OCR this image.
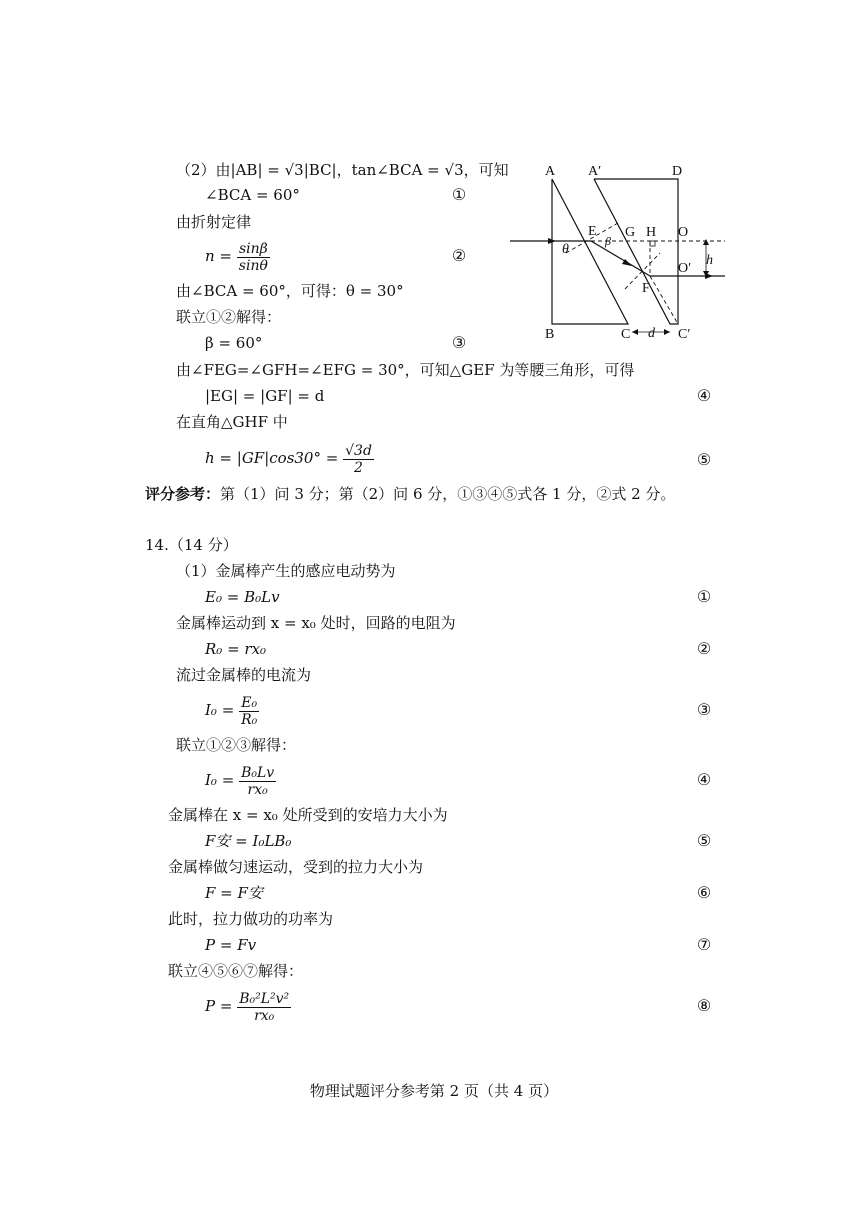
（2）由|AB| = √3|BC|，tan∠BCA = √3，可知
∠BCA = 60°	①
由折射定律
$n = \frac{\sin\beta}{\sin\theta}$	②
由∠BCA = 60°，可得：θ = 30°
联立①②解得：
β = 60°	③
由∠FEG=∠GFH=∠EFG = 30°，可知△GEF 为等腰三角形，可得
|EG| = |GF| = d	④
在直角△GHF 中
$h = |GF|\cos 30^\circ = \frac{√3d}{2}$	⑤
评分参考：第（1）问 3 分；第（2）问 6 分，①③④⑤式各 1 分，②式 2 分。
14.（14 分）
（1）金属棒产生的感应电动势为
E₀ = B₀Lv	①
金属棒运动到 x = x₀ 处时，回路的电阻为
R₀ = rx₀	②
流过金属棒的电流为
$I_0 = \frac{\text{E₀}}{\text{R₀}}$	③
联立①②③解得：
$I_0 = \frac{\text{B₀Lv}}{\text{rx₀}}$	④
金属棒在 x = x₀ 处所受到的安培力大小为
F安 = I₀LB₀	⑤
金属棒做匀速运动，受到的拉力大小为
F = F安	⑥
此时，拉力做功的功率为
P = Fv	⑦
联立④⑤⑥⑦解得：
$P = \frac{\text{B₀²L²v²}}{\text{rx₀}}$	⑧
A A′	D
E G H O
θ
β
O′
h
F
B	C d C′
物理试题评分参考第 2 页（共 4 页）
